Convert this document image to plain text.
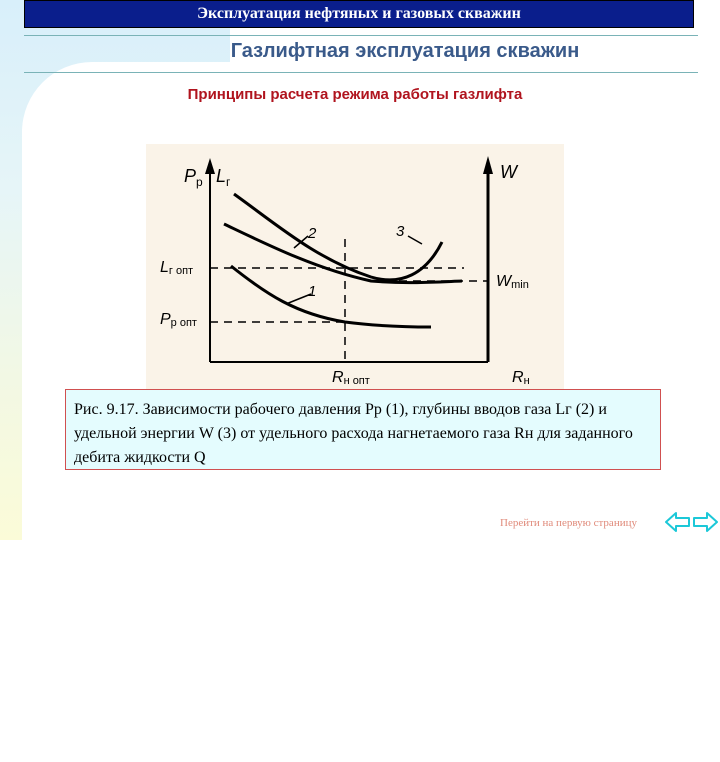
Эксплуатация нефтяных и газовых скважин
Газлифтная эксплуатация скважин
Принципы расчета режима работы газлифта
$P_р$ $L_г$	W
Lг опт
Pр опт
Wmin
Rн опт	Rн
1
2	3
Рис. 9.17. Зависимости рабочего давления Рр (1), глубины вводов газа Lг (2) и удельной энергии W (3) от удельного расхода нагнетаемого газа Rн для заданного дебита жидкости Q
Перейти на первую страницу
